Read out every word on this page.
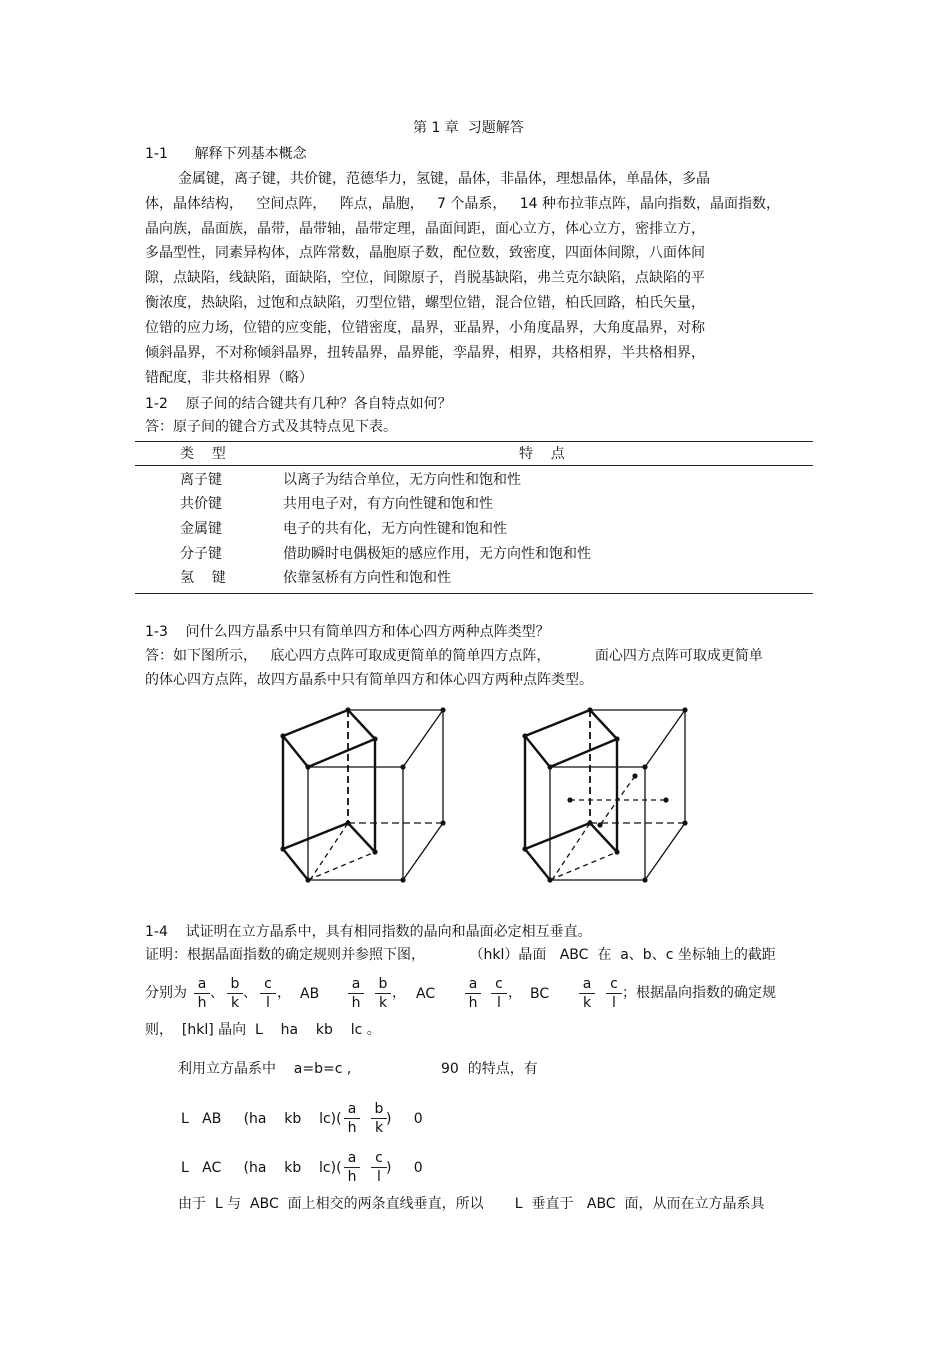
第 1 章  习题解答
1-1      解释下列基本概念
金属键，离子键，共价键，范德华力，氢键，晶体，非晶体，理想晶体，单晶体，多晶
体，晶体结构，   空间点阵，   阵点，晶胞，   7 个晶系，   14 种布拉菲点阵，晶向指数，晶面指数，
晶向族，晶面族，晶带，晶带轴，晶带定理，晶面间距，面心立方，体心立方，密排立方，
多晶型性，同素异构体，点阵常数，晶胞原子数，配位数，致密度，四面体间隙，八面体间
隙，点缺陷，线缺陷，面缺陷，空位，间隙原子，肖脱基缺陷，弗兰克尔缺陷，点缺陷的平
衡浓度，热缺陷，过饱和点缺陷，刃型位错，螺型位错，混合位错，柏氏回路，柏氏矢量，
位错的应力场，位错的应变能，位错密度，晶界，亚晶界，小角度晶界，大角度晶界，对称
倾斜晶界，不对称倾斜晶界，扭转晶界，晶界能，孪晶界，相界，共格相界，半共格相界，
错配度，非共格相界（略）
1-2    原子间的结合键共有几种？各自特点如何？
答：原子间的键合方式及其特点见下表。
类    型	特    点
离子键	以离子为结合单位，无方向性和饱和性
共价键	共用电子对，有方向性键和饱和性
金属键	电子的共有化，无方向性键和饱和性
分子键	借助瞬时电偶极矩的感应作用，无方向性和饱和性
氢    键	依靠氢桥有方向性和饱和性
1-3    问什么四方晶系中只有简单四方和体心四方两种点阵类型？
答：如下图所示，   底心四方点阵可取成更简单的简单四方点阵，          面心四方点阵可取成更简单
的体心四方点阵，故四方晶系中只有简单四方和体心四方两种点阵类型。
1-4    试证明在立方晶系中，具有相同指数的晶向和晶面必定相互垂直。
证明：根据晶面指数的确定规则并参照下图，          （hkl）晶面   ABC  在  a、b、c 坐标轴上的截距
分别为
a
h
、
b
k
、
c
l
， AB
a
h
b
k
， AC
a
h
c
l
， BC
a
k
c
l
；根据晶向指数的确定规
则，  [hkl] 晶向  L    ha    kb    lc 。
利用立方晶系中    a=b=c ,	90  的特点，有
L   AB     (ha    kb    lc)(
a
h
b
k
)     0
L   AC     (ha    kb    lc)(
a
h
c
l
)     0
由于  L 与  ABC  面上相交的两条直线垂直，所以       L  垂直于   ABC  面，从而在立方晶系具
